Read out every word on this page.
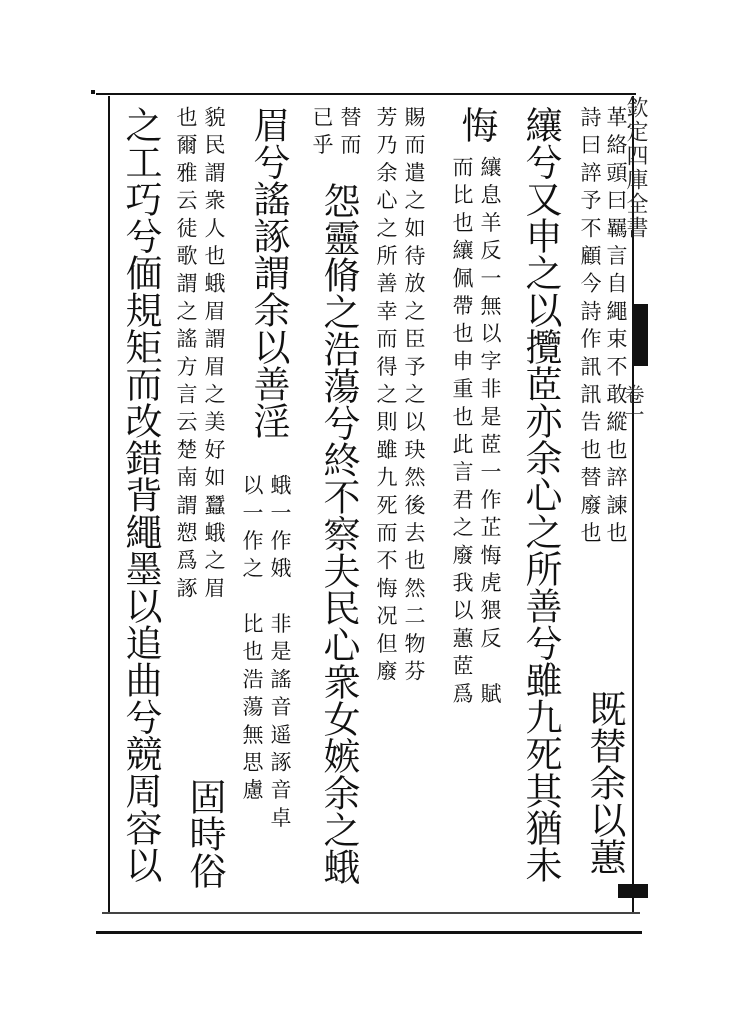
欽定四庫全書
卷一
革絡頭曰羈言自繩束不敢縱也誶諫也
詩曰誶予不顧今詩作訊訊告也替廢也
既替余以蕙
纕兮又申之以攬茝亦余心之所善兮雖九死其猶未
悔
纕息羊反一無以字非是茝一作芷悔虎猥反　賦
而比也纕佩帶也申重也此言君之廢我以蕙茝爲
賜而遣之如待放之臣予之以玦然後去也然二物芬
芳乃余心之所善幸而得之則雖九死而不悔况但廢
替而
已乎
怨靈脩之浩蕩兮終不察夫民心衆女嫉余之蛾
眉兮謠諑謂余以善淫
蛾一作娥　非是謠音遥諑音卓
以一作之　比也浩蕩無思慮
貌民謂衆人也蛾眉謂眉之美好如蠶蛾之眉
也爾雅云徒歌謂之謠方言云楚南謂愬爲諑
固時俗
之工巧兮偭規矩而改錯背繩墨以追曲兮競周容以
